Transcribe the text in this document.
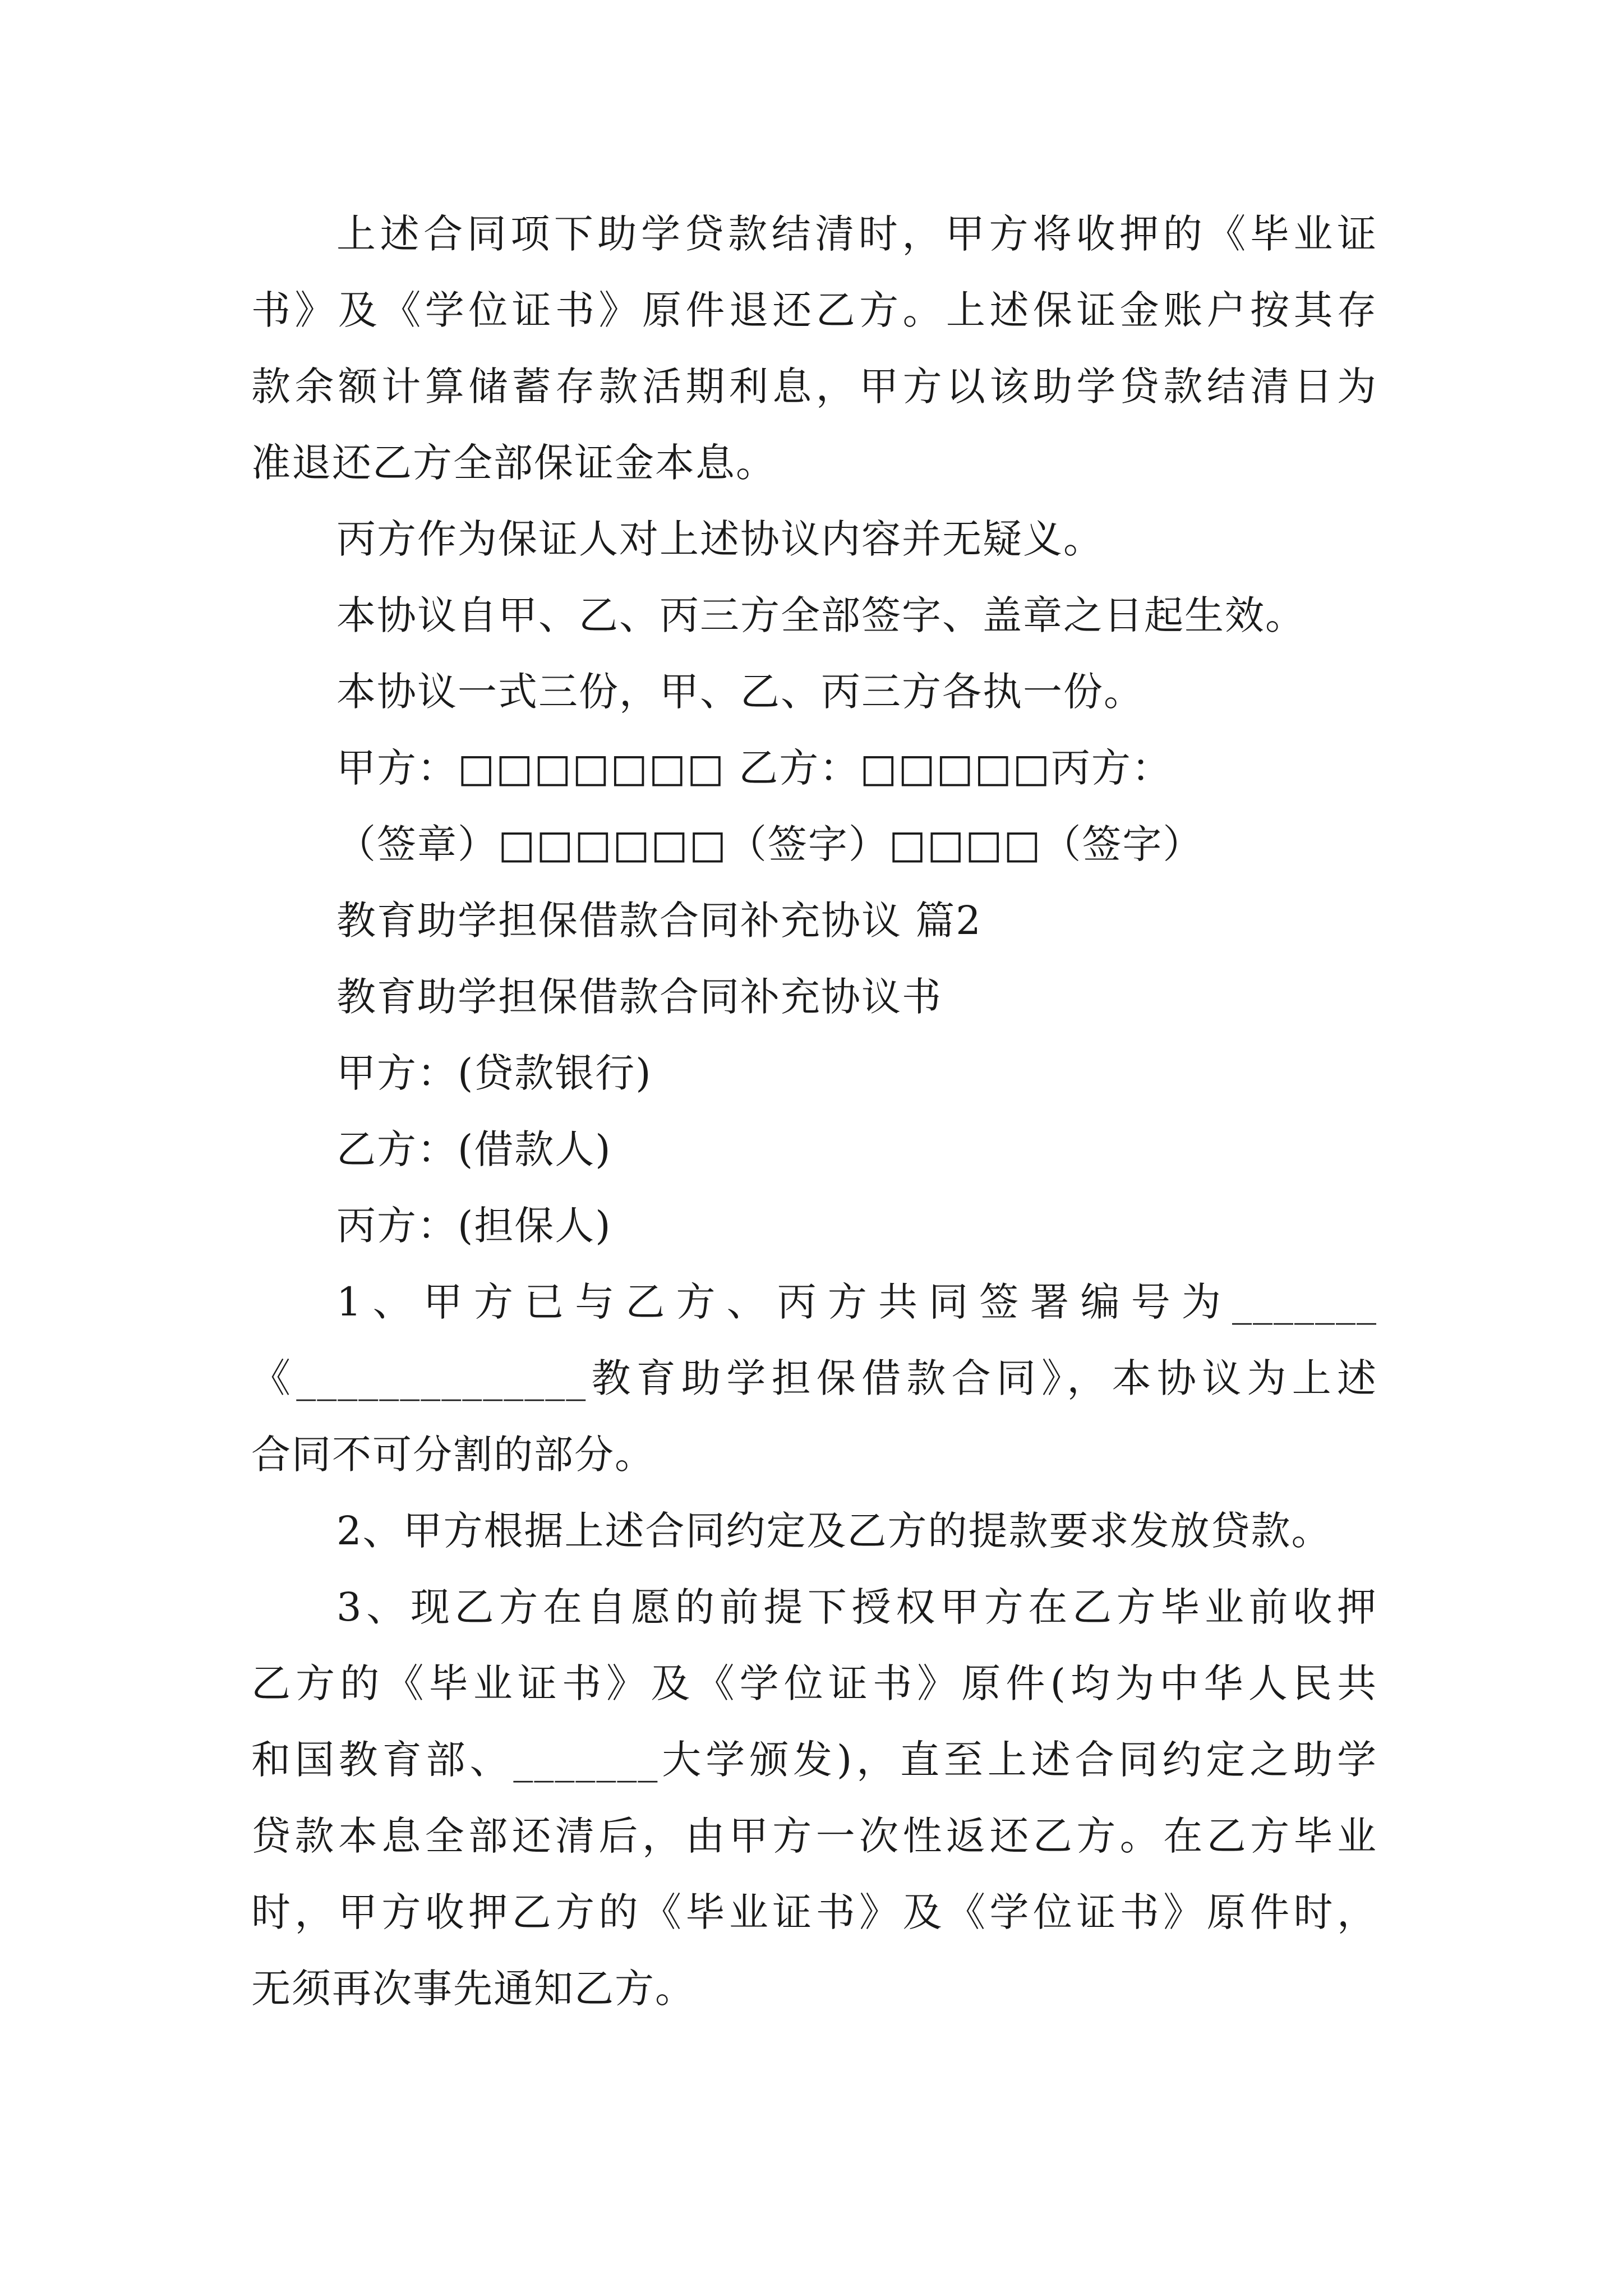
上述合同项下助学贷款结清时，甲方将收押的《毕业证
书》及《学位证书》原件退还乙方。上述保证金账户按其存
款余额计算储蓄存款活期利息，甲方以该助学贷款结清日为
准退还乙方全部保证金本息。
丙方作为保证人对上述协议内容并无疑义。
本协议自甲、乙、丙三方全部签字、盖章之日起生效。
本协议一式三份，甲、乙、丙三方各执一份。
甲方：□□□□□□□ 乙方：□□□□□丙方：
（签章）□□□□□□（签字）□□□□（签字）
教育助学担保借款合同补充协议 篇2
教育助学担保借款合同补充协议书
甲方：(贷款银行)
乙方：(借款人)
丙方：(担保人)
1、甲方已与乙方、丙方共同签署编号为_______
《______________教育助学担保借款合同》，本协议为上述
合同不可分割的部分。
2、甲方根据上述合同约定及乙方的提款要求发放贷款。
3、现乙方在自愿的前提下授权甲方在乙方毕业前收押
乙方的《毕业证书》及《学位证书》原件(均为中华人民共
和国教育部、_______大学颁发)，直至上述合同约定之助学
贷款本息全部还清后，由甲方一次性返还乙方。在乙方毕业
时，甲方收押乙方的《毕业证书》及《学位证书》原件时，
无须再次事先通知乙方。
